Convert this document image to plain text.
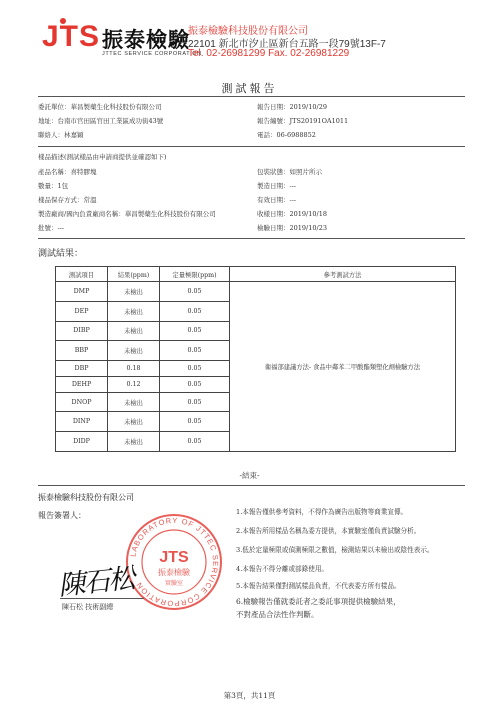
JTS 振泰檢驗
JTTEC SERVICE CORPORATION
振泰檢驗科技股份有限公司
22101 新北市汐止區新台五路一段79號13F-7
Tel. 02-26981299 Fax. 02-26981229
測試報告
委託單位：華昌製藥生化科技股份有限公司
地址：台南市官田區官田工業區成功街43號
聯絡人：林嘉穎
報告日期：2019/10/29
報告編號：JTS20191OA1011
電話：06-6988852
樣品描述(測試樣品由申請商提供並確認如下)
產品名稱：喜特膠塊	包裝狀態：如照片所示
數量：1包	製造日期：---
樣品保存方式：常溫	有效日期：---
製造廠商/國內負責廠商名稱：華昌製藥生化科技股份有限公司	收樣日期：2019/10/18
批號：---	檢驗日期：2019/10/23
測試結果：
測試項目	結果(ppm)	定量極限(ppm)	參考測試方法
DMP	未檢出	0.05	衛福部建議方法- 食品中鄰苯二甲酸酯類塑化劑檢驗方法
DEP	未檢出	0.05	
DIBP	未檢出	0.05	
BBP	未檢出	0.05	
DBP	0.18	0.05	
DEHP	0.12	0.05	
DNOP	未檢出	0.05	
DINP	未檢出	0.05	
DIDP	未檢出	0.05	
-結束-
振泰檢驗科技股份有限公司
報告簽署人：
LABORATORY OF JTTEC SERVICE CORPORATION
JTS
振泰檢驗
實驗室
陳石松
陳石松 技術副總
1.本報告僅供參考資料，不得作為廣告出版物等商業宣傳。
2.本報告所用樣品名稱為委方提供，本實驗室僅負責試驗分析。
3.低於定量極限或偵測極限之數值，檢測結果以未檢出或陰性表示。
4.本報告不得分離或部錄使用。
5.本報告結果僅對測試樣品負責，不代表委方所有樣品。
6.檢驗報告僅就委託者之委託事項提供檢驗結果，
不對產品合法性作判斷。
第3頁，共11頁
